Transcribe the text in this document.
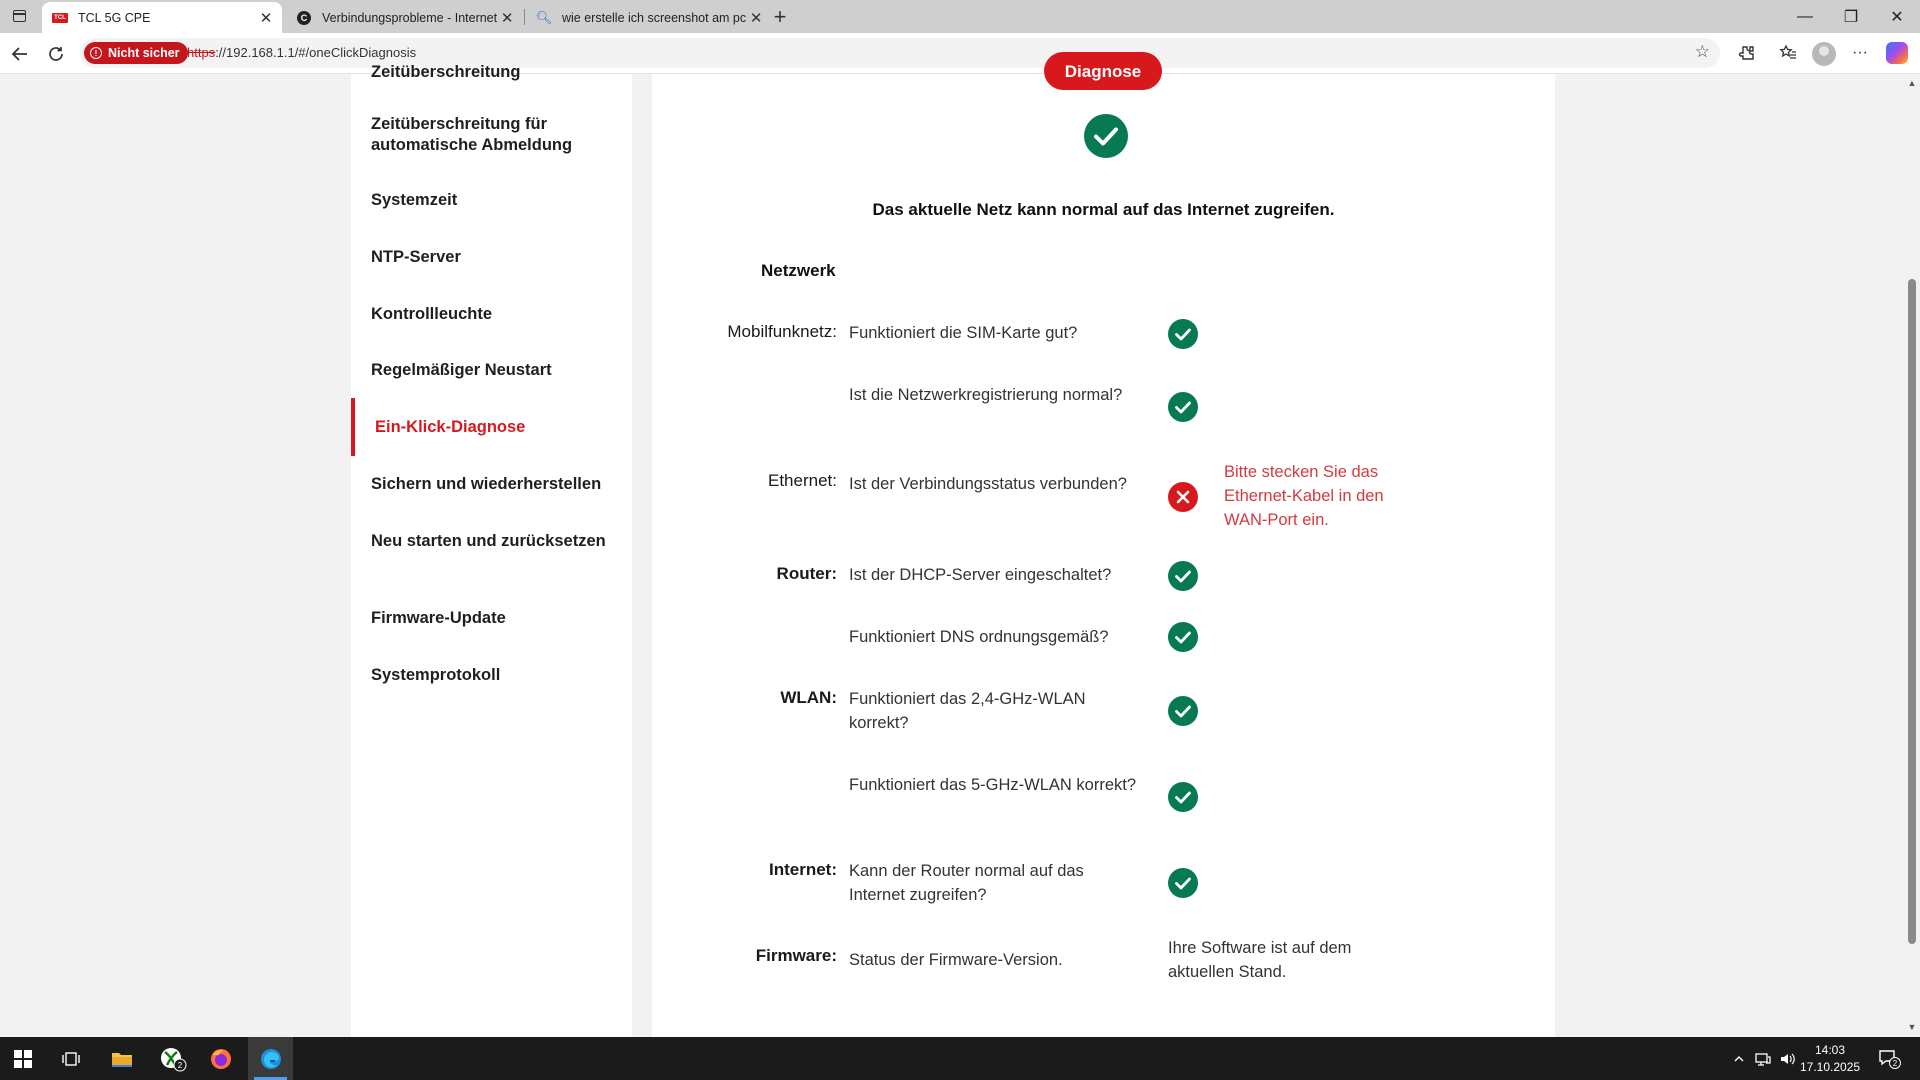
TCL TCL 5G CPE	✕	C	Verbindungsprobleme - Internet ✕ 🔍︎ wie erstelle ich screenshot am pc ✕ +	—	❐	✕
! Nicht sicher https://192.168.1.1/#/oneClickDiagnosis	☆	···
Zeitüberschreitung
Zeitüberschreitung für automatische Abmeldung
Systemzeit
NTP-Server
Kontrollleuchte
Regelmäßiger Neustart
Ein-Klick-Diagnose
Sichern und wiederherstellen
Neu starten und zurücksetzen
Firmware-Update
Systemprotokoll
Diagnose
Das aktuelle Netz kann normal auf das Internet zugreifen.
Netzwerk
Mobilfunknetz: Funktioniert die SIM-Karte gut?
Ist die Netzwerkregistrierung normal?
Ethernet: Ist der Verbindungsstatus verbunden?
Bitte stecken Sie das Ethernet-Kabel in den WAN-Port ein.
Router: Ist der DHCP-Server eingeschaltet?
Funktioniert DNS ordnungsgemäß?
WLAN: Funktioniert das 2,4-GHz-WLAN korrekt?
Funktioniert das 5-GHz-WLAN korrekt?
Internet: Kann der Router normal auf das Internet zugreifen?
Firmware: Status der Firmware-Version.
Ihre Software ist auf dem aktuellen Stand.
▲
▼
2
14:03
17.10.2025	2
